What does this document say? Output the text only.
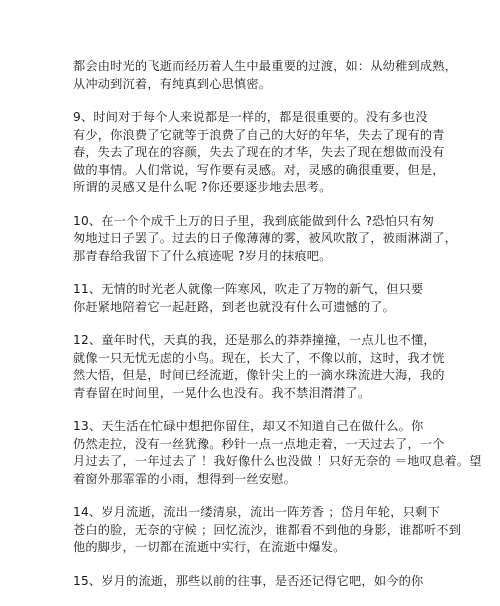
都会由时光的飞逝而经历着人生中最重要的过渡，如：从幼稚到成熟，
从冲动到沉着，有纯真到心思慎密。
9、时间对于每个人来说都是一样的，都是很重要的。没有多也没
有少，你浪费了它就等于浪费了自己的大好的年华，失去了现有的青
春，失去了现在的容颜，失去了现在的才华，失去了现在想做而没有
做的事情。人们常说，写作要有灵感。对，灵感的确很重要，但是，
所谓的灵感又是什么呢 ?你还要逐步地去思考。
10、在一个个成千上万的日子里，我到底能做到什么 ?恐怕只有匆
匆地过日子罢了。过去的日子像薄薄的雾，被风吹散了，被雨淋湖了，
那青春给我留下了什么痕迹呢 ?岁月的抹痕吧。
11、无情的时光老人就像一阵寒风，吹走了万物的新气，但只要
你赶紧地陪着它一起赶路，到老也就没有什么可遗憾的了。
12、童年时代，天真的我，还是那么的莽莽撞撞，一点儿也不懂，
就像一只无忧无虑的小鸟。现在，长大了，不像以前，这时，我才恍
然大悟，但是，时间已经流逝，像针尖上的一滴水珠流进大海，我的
青春留在时间里，一晃什么也没有。我不禁泪潸潸了。
13、天生活在忙碌中想把你留住，却又不知道自己在做什么。你
仍然走拉，没有一丝犹豫。秒针一点一点地走着，一天过去了，一个
月过去了，一年过去了 ！我好像什么也没做 ！只好无奈的 ＝地叹息着。望
着窗外那霏霏的小雨，想得到一丝安慰。
14、岁月流逝，流出一缕清泉，流出一阵芳香 ；岱月年轮，只剩下
苍白的脸，无奈的守候 ；回忆流沙，谁都看不到他的身影，谁都听不到
他的脚步，一切都在流逝中实行，在流逝中爆发。
15、岁月的流逝，那些以前的往事，是否还记得它吧，如今的你
